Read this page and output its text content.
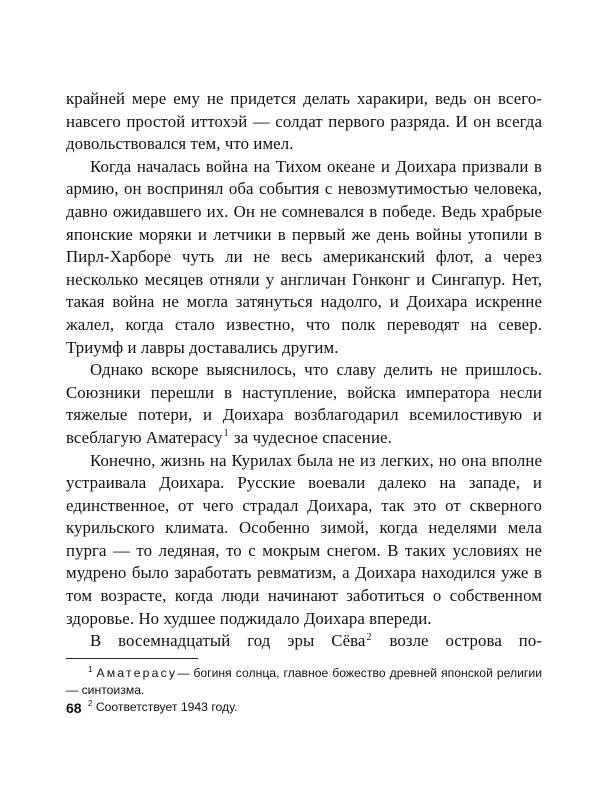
крайней мере ему не придется делать харакири, ведь он всего-навсего простой иттохэй — солдат первого разряда. И он всегда довольствовался тем, что имел.

Когда началась война на Тихом океане и Доихара призвали в армию, он воспринял оба события с невозмутимостью человека, давно ожидавшего их. Он не сомневался в победе. Ведь храбрые японские моряки и летчики в первый же день войны утопили в Пирл-Харборе чуть ли не весь американский флот, а через несколько месяцев отняли у англичан Гонконг и Сингапур. Нет, такая война не могла затянуться надолго, и Доихара искренне жалел, когда стало известно, что полк переводят на север. Триумф и лавры доставались другим.

Однако вскоре выяснилось, что славу делить не пришлось. Союзники перешли в наступление, войска императора несли тяжелые потери, и Доихара возблагодарил всемилостивую и всеблагую Аматерасу$^1$ за чудесное спасение.

Конечно, жизнь на Курилах была не из легких, но она вполне устраивала Доихара. Русские воевали далеко на западе, и единственное, от чего страдал Доихара, так это от скверного курильского климата. Особенно зимой, когда неделями мела пурга — то ледяная, то с мокрым снегом. В таких условиях не мудрено было заработать ревматизм, а Доихара находился уже в том возрасте, когда люди начинают заботиться о собственном здоровье. Но худшее поджидало Доихара впереди.

В восемнадцатый год эры Сёва$^2$ возле острова по-

$^1$ Аматерасу— богиня солнца, главное божество древней японской религии — синтоизма.

$^2$ Соответствует 1943 году.

68
